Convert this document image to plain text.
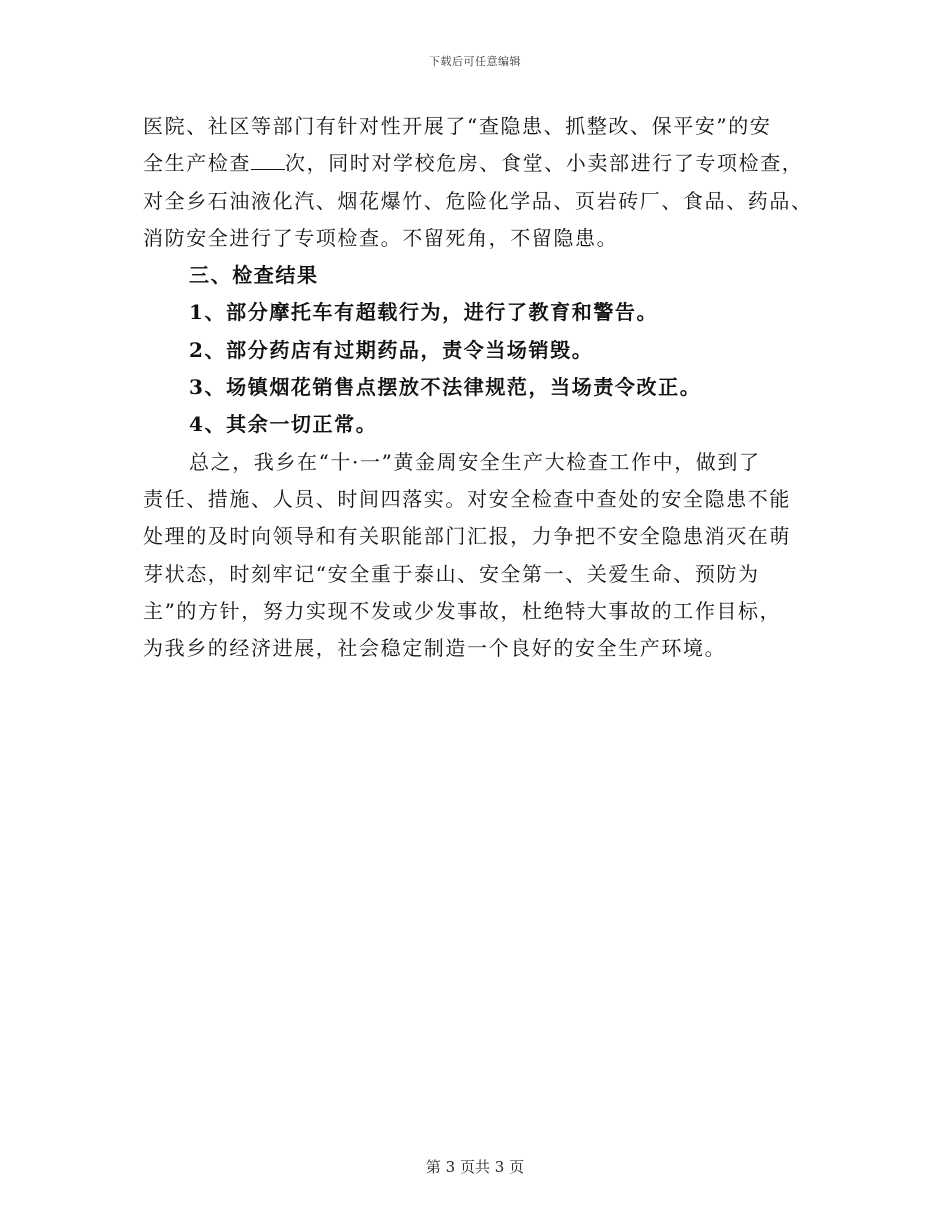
下载后可任意编辑
医院、社区等部门有针对性开展了“查隐患、抓整改、保平安”的安
全生产检查 次，同时对学校危房、食堂、小卖部进行了专项检查，
对全乡石油液化汽、烟花爆竹、危险化学品、页岩砖厂、食品、药品、
消防安全进行了专项检查。不留死角，不留隐患。
三、检查结果
1、部分摩托车有超载行为，进行了教育和警告。
2、部分药店有过期药品，责令当场销毁。
3、场镇烟花销售点摆放不法律规范，当场责令改正。
4、其余一切正常。
总之，我乡在“十·一”黄金周安全生产大检查工作中，做到了
责任、措施、人员、时间四落实。对安全检查中查处的安全隐患不能
处理的及时向领导和有关职能部门汇报，力争把不安全隐患消灭在萌
芽状态，时刻牢记“安全重于泰山、安全第一、关爱生命、预防为
主”的方针，努力实现不发或少发事故，杜绝特大事故的工作目标，
为我乡的经济进展，社会稳定制造一个良好的安全生产环境。
第 3 页共 3 页
